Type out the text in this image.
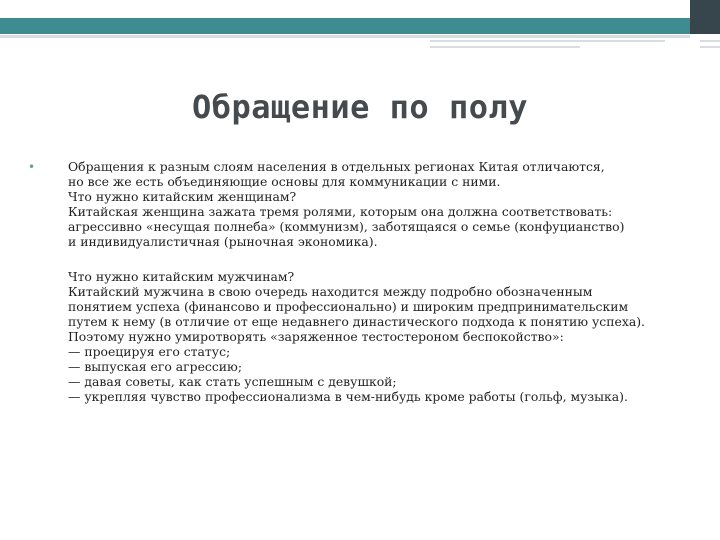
Обращение по полу
•	Обращения к разным слоям населения в отдельных регионах Китая отличаются,
но все же есть объединяющие основы для коммуникации с ними.
Что нужно китайским женщинам?
Китайская женщина зажата тремя ролями, которым она должна соответствовать:
агрессивно «несущая полнеба» (коммунизм), заботящаяся о семье (конфуцианство)
и индивидуалистичная (рыночная экономика).
Что нужно китайским мужчинам?
Китайский мужчина в свою очередь находится между подробно обозначенным
понятием успеха (финансово и профессионально) и широким предпринимательским
путем к нему (в отличие от еще недавнего династического подхода к понятию успеха).
Поэтому нужно умиротворять «заряженное тестостероном беспокойство»:
— проецируя его статус;
— выпуская его агрессию;
— давая советы, как стать успешным с девушкой;
— укрепляя чувство профессионализма в чем-нибудь кроме работы (гольф, музыка).
